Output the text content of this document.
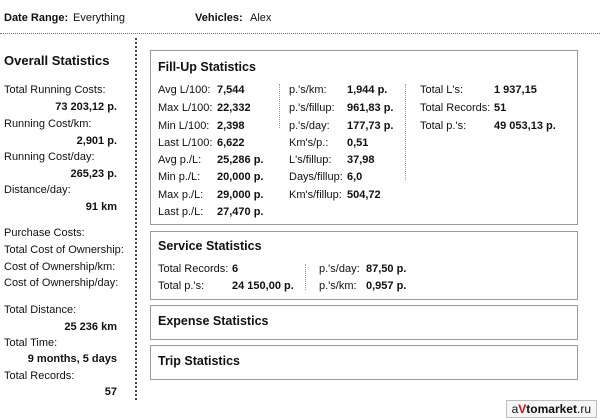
Date Range: Everything	Vehicles: Alex
Overall Statistics
Total Running Costs:
73 203,12 р.
Running Cost/km:
2,901 р.
Running Cost/day:
265,23 р.
Distance/day:
91 km
Purchase Costs:
Total Cost of Ownership:
Cost of Ownership/km:
Cost of Ownership/day:
Total Distance:
25 236 km
Total Time:
9 months, 5 days
Total Records:
57
Fill-Up Statistics
Avg L/100: 7,544
Max L/100: 22,332
Min L/100: 2,398
Last L/100: 6,622
Avg р./L: 25,286 р.
Min р./L: 20,000 р.
Max р./L: 29,000 р.
Last р./L: 27,470 р.
р.'s/km: 1,944 р.
р.'s/fillup: 961,83 р.
р.'s/day: 177,73 р.
Km's/р.: 0,51
L's/fillup: 37,98
Days/fillup: 6,0
Km's/fillup: 504,72
Total L's:	1 937,15
Total Records: 51
Total р.'s:	49 053,13 р.
Service Statistics
Total Records: 6
Total р.'s:	24 150,00 р.
р.'s/day: 87,50 р.
р.'s/km: 0,957 р.
Expense Statistics
Trip Statistics
aVtomarket.ru
